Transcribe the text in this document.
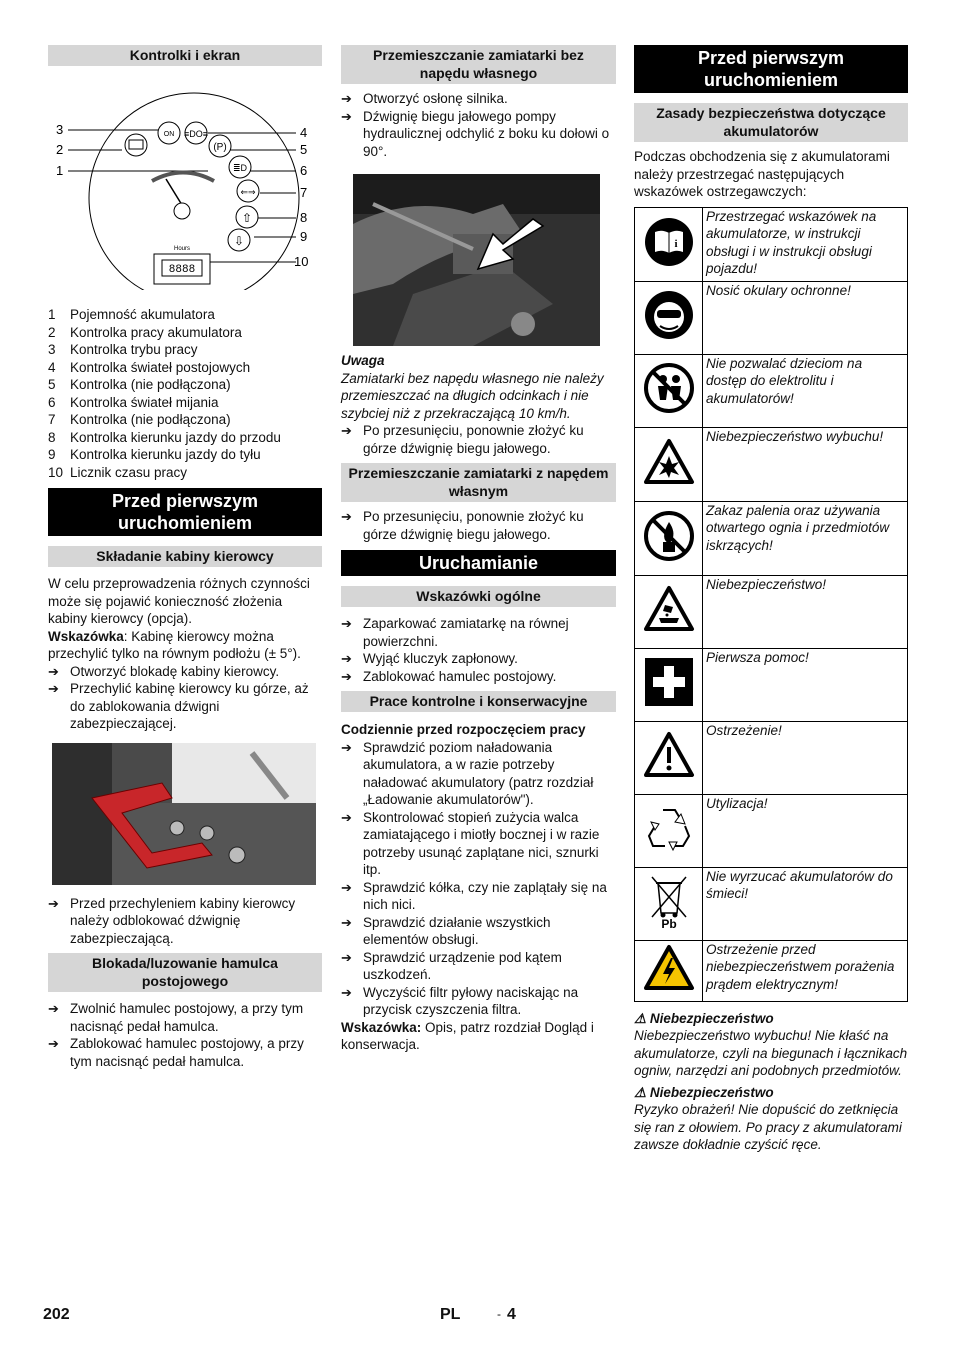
Kontrolki i ekran
ON ≡DO≡
(P)
≣D
⇐⇒
⇧
⇩
Hours
8888
3
2
1
4
5
6
7
8
9
10
1	Pojemność akumulatora
2	Kontrolka pracy akumulatora
3	Kontrolka trybu pracy
4	Kontrolka świateł postojowych
5	Kontrolka (nie podłączona)
6	Kontrolka świateł mijania
7	Kontrolka (nie podłączona)
8	Kontrolka kierunku jazdy do przodu
9	Kontrolka kierunku jazdy do tyłu
10 Licznik czasu pracy
Przed pierwszym uruchomieniem
Składanie kabiny kierowcy

W celu przeprowadzenia różnych czynności może się pojawić konieczność złożenia kabiny kierowcy (opcja).

Wskazówka: Kabinę kierowcy można przechylić tylko na równym podłożu (± 5°).

➔ Otworzyć blokadę kabiny kierowcy.
➔ Przechylić kabinę kierowcy ku górze, aż do zablokowania dźwigni zabezpieczającej.
➔ Przed przechyleniem kabiny kierowcy należy odblokować dźwignię zabezpieczającą.
Blokada/luzowanie hamulca postojowego
➔ Zwolnić hamulec postojowy, a przy tym nacisnąć pedał hamulca.
➔ Zablokować hamulec postojowy, a przy tym nacisnąć pedał hamulca.
Przemieszczanie zamiatarki bez napędu własnego
➔ Otworzyć osłonę silnika.
➔ Dźwignię biegu jałowego pompy hydraulicznej odchylić z boku ku dołowi o 90°.

Uwaga

Zamiatarki bez napędu własnego nie należy przemieszczać na długich odcinkach i nie szybciej niż z przekraczającą 10 km/h.

➔ Po przesunięciu, ponownie złożyć ku górze dźwignię biegu jałowego.
Przemieszczanie zamiatarki z napędem własnym
➔ Po przesunięciu, ponownie złożyć ku górze dźwignię biegu jałowego.
Uruchamianie
Wskazówki ogólne
➔ Zaparkować zamiatarkę na równej powierzchni.
➔ Wyjąć kluczyk zapłonowy.
➔ Zablokować hamulec postojowy.
Prace kontrolne i konserwacyjne

Codziennie przed rozpoczęciem pracy

➔ Sprawdzić poziom naładowania akumulatora, a w razie potrzeby naładować akumulatory (patrz rozdział „Ładowanie akumulatorów").
➔ Skontrolować stopień zużycia walca zamiatającego i miotły bocznej i w razie potrzeby usunąć zaplątane nici, sznurki itp.
➔ Sprawdzić kółka, czy nie zaplątały się na nich nici.
➔ Sprawdzić działanie wszystkich elementów obsługi.
➔ Sprawdzić urządzenie pod kątem uszkodzeń.
➔ Wyczyścić filtr pyłowy naciskając na przycisk czyszczenia filtra.

Wskazówka: Opis, patrz rozdział Dogląd i konserwacja.

Przed pierwszym uruchomieniem
Zasady bezpieczeństwa dotyczące akumulatorów

Podczas obchodzenia się z akumulatorami należy przestrzegać następujących wskazówek ostrzegawczych:

i	Przestrzegać wskazówek na akumulatorze, w instrukcji obsługi i w instrukcji obsługi pojazdu!
	Nosić okulary ochronne!
	Nie pozwalać dzieciom na dostęp do elektrolitu i akumulatorów!
	Niebezpieczeństwo wybuchu!
	Zakaz palenia oraz używania otwartego ognia i przedmiotów iskrzących!
	Niebezpieczeństwo!
	Pierwsza pomoc!
	Ostrzeżenie!
	Utylizacja!

Pb	Nie wyrzucać akumulatorów do śmieci!
	Ostrzeżenie przed niebezpieczeństwem porażenia prądem elektrycznym!

⚠ Niebezpieczeństwo

Niebezpieczeństwo wybuchu! Nie kłaść na akumulatorze, czyli na biegunach i łącznikach ogniw, narzędzi ani podobnych przedmiotów.

⚠ Niebezpieczeństwo

Ryzyko obrażeń! Nie dopuścić do zetknięcia się ran z ołowiem. Po pracy z akumulatorami zawsze dokładnie czyścić ręce.

202	PL	- 4
